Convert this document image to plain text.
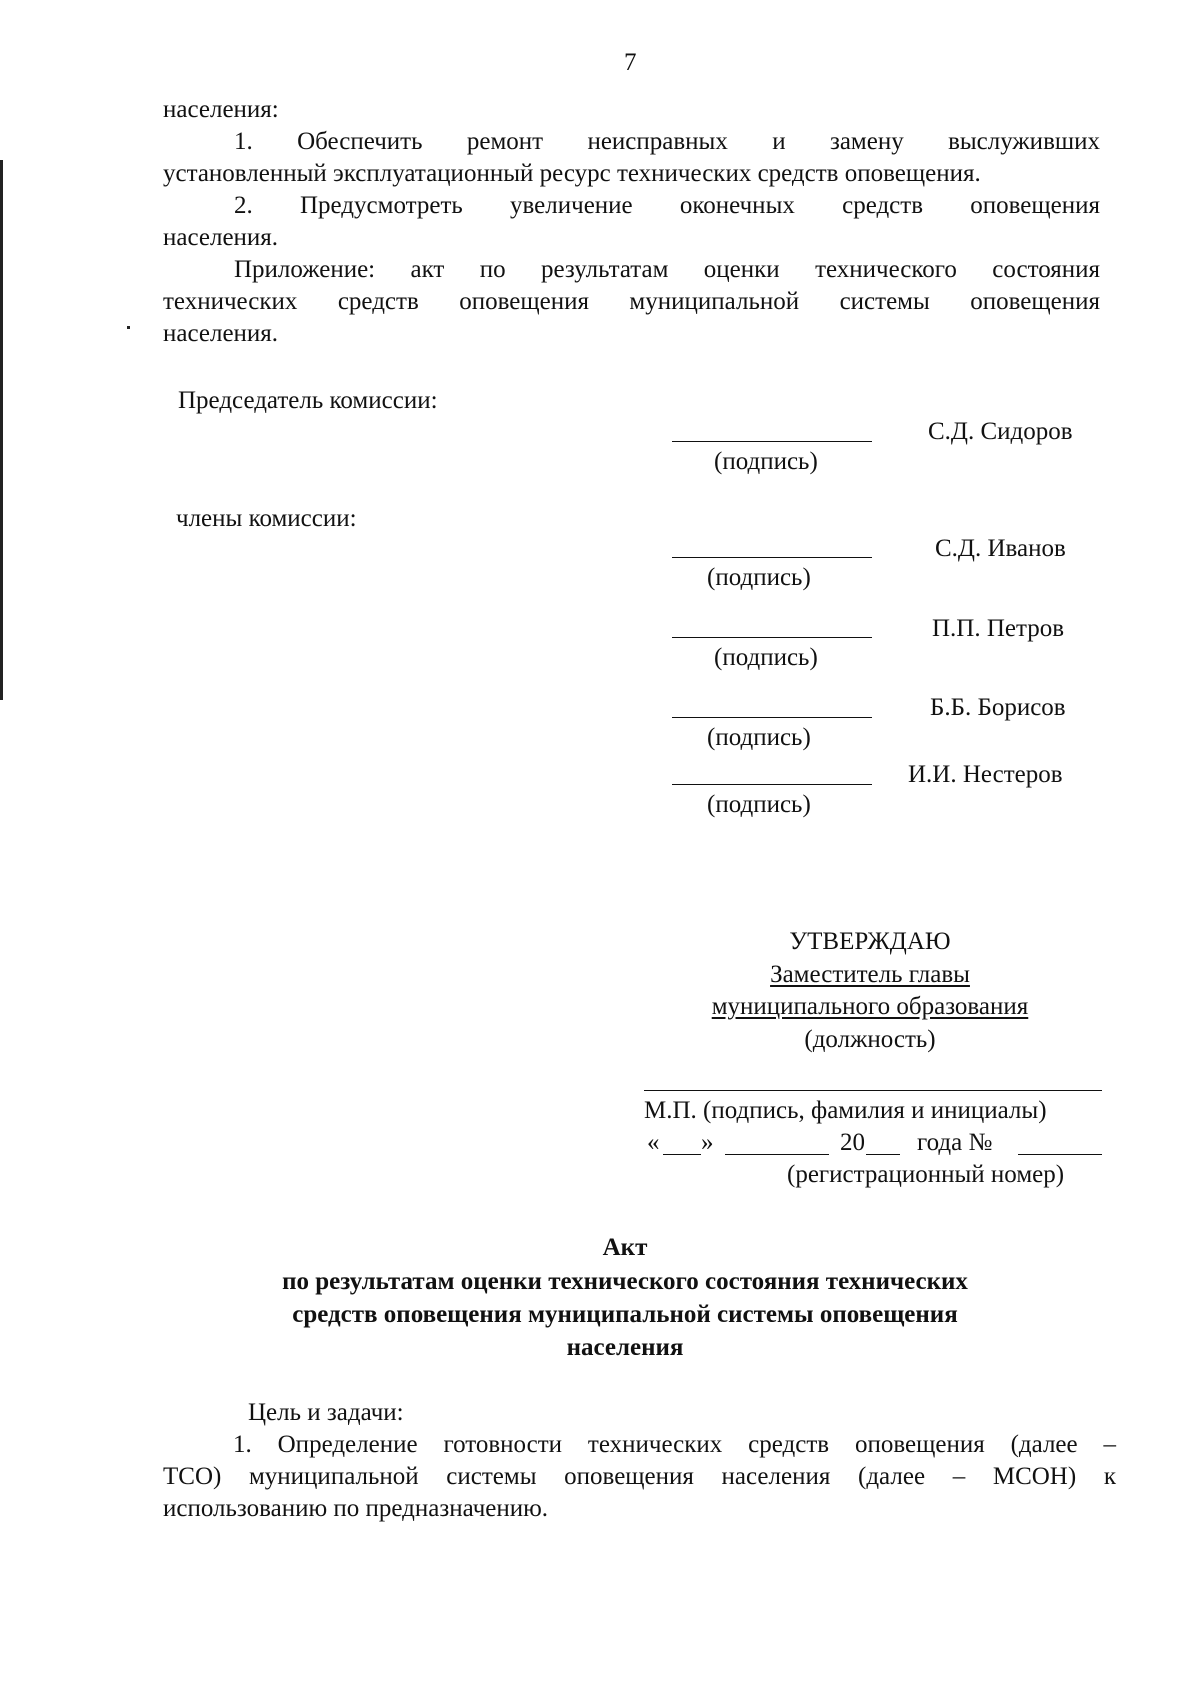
7
населения:
1. Обеспечить ремонт неисправных и замену выслуживших
установленный эксплуатационный ресурс технических средств оповещения.
2. Предусмотреть увеличение оконечных средств оповещения
населения.
Приложение: акт по результатам оценки технического состояния
технических средств оповещения муниципальной системы оповещения
населения.
Председатель комиссии:
С.Д. Сидоров
(подпись)
члены комиссии:
С.Д. Иванов
(подпись)
П.П. Петров
(подпись)
Б.Б. Борисов
(подпись)
И.И. Нестеров
(подпись)
УТВЕРЖДАЮ
Заместитель главы
муниципального образования
(должность)
М.П. (подпись, фамилия и инициалы)
« »	20 года №
(регистрационный номер)
Акт
по результатам оценки технического состояния технических
средств оповещения муниципальной системы оповещения
населения
Цель и задачи:
1. Определение готовности технических средств оповещения (далее –
ТСО) муниципальной системы оповещения населения (далее – МСОН) к
использованию по предназначению.
